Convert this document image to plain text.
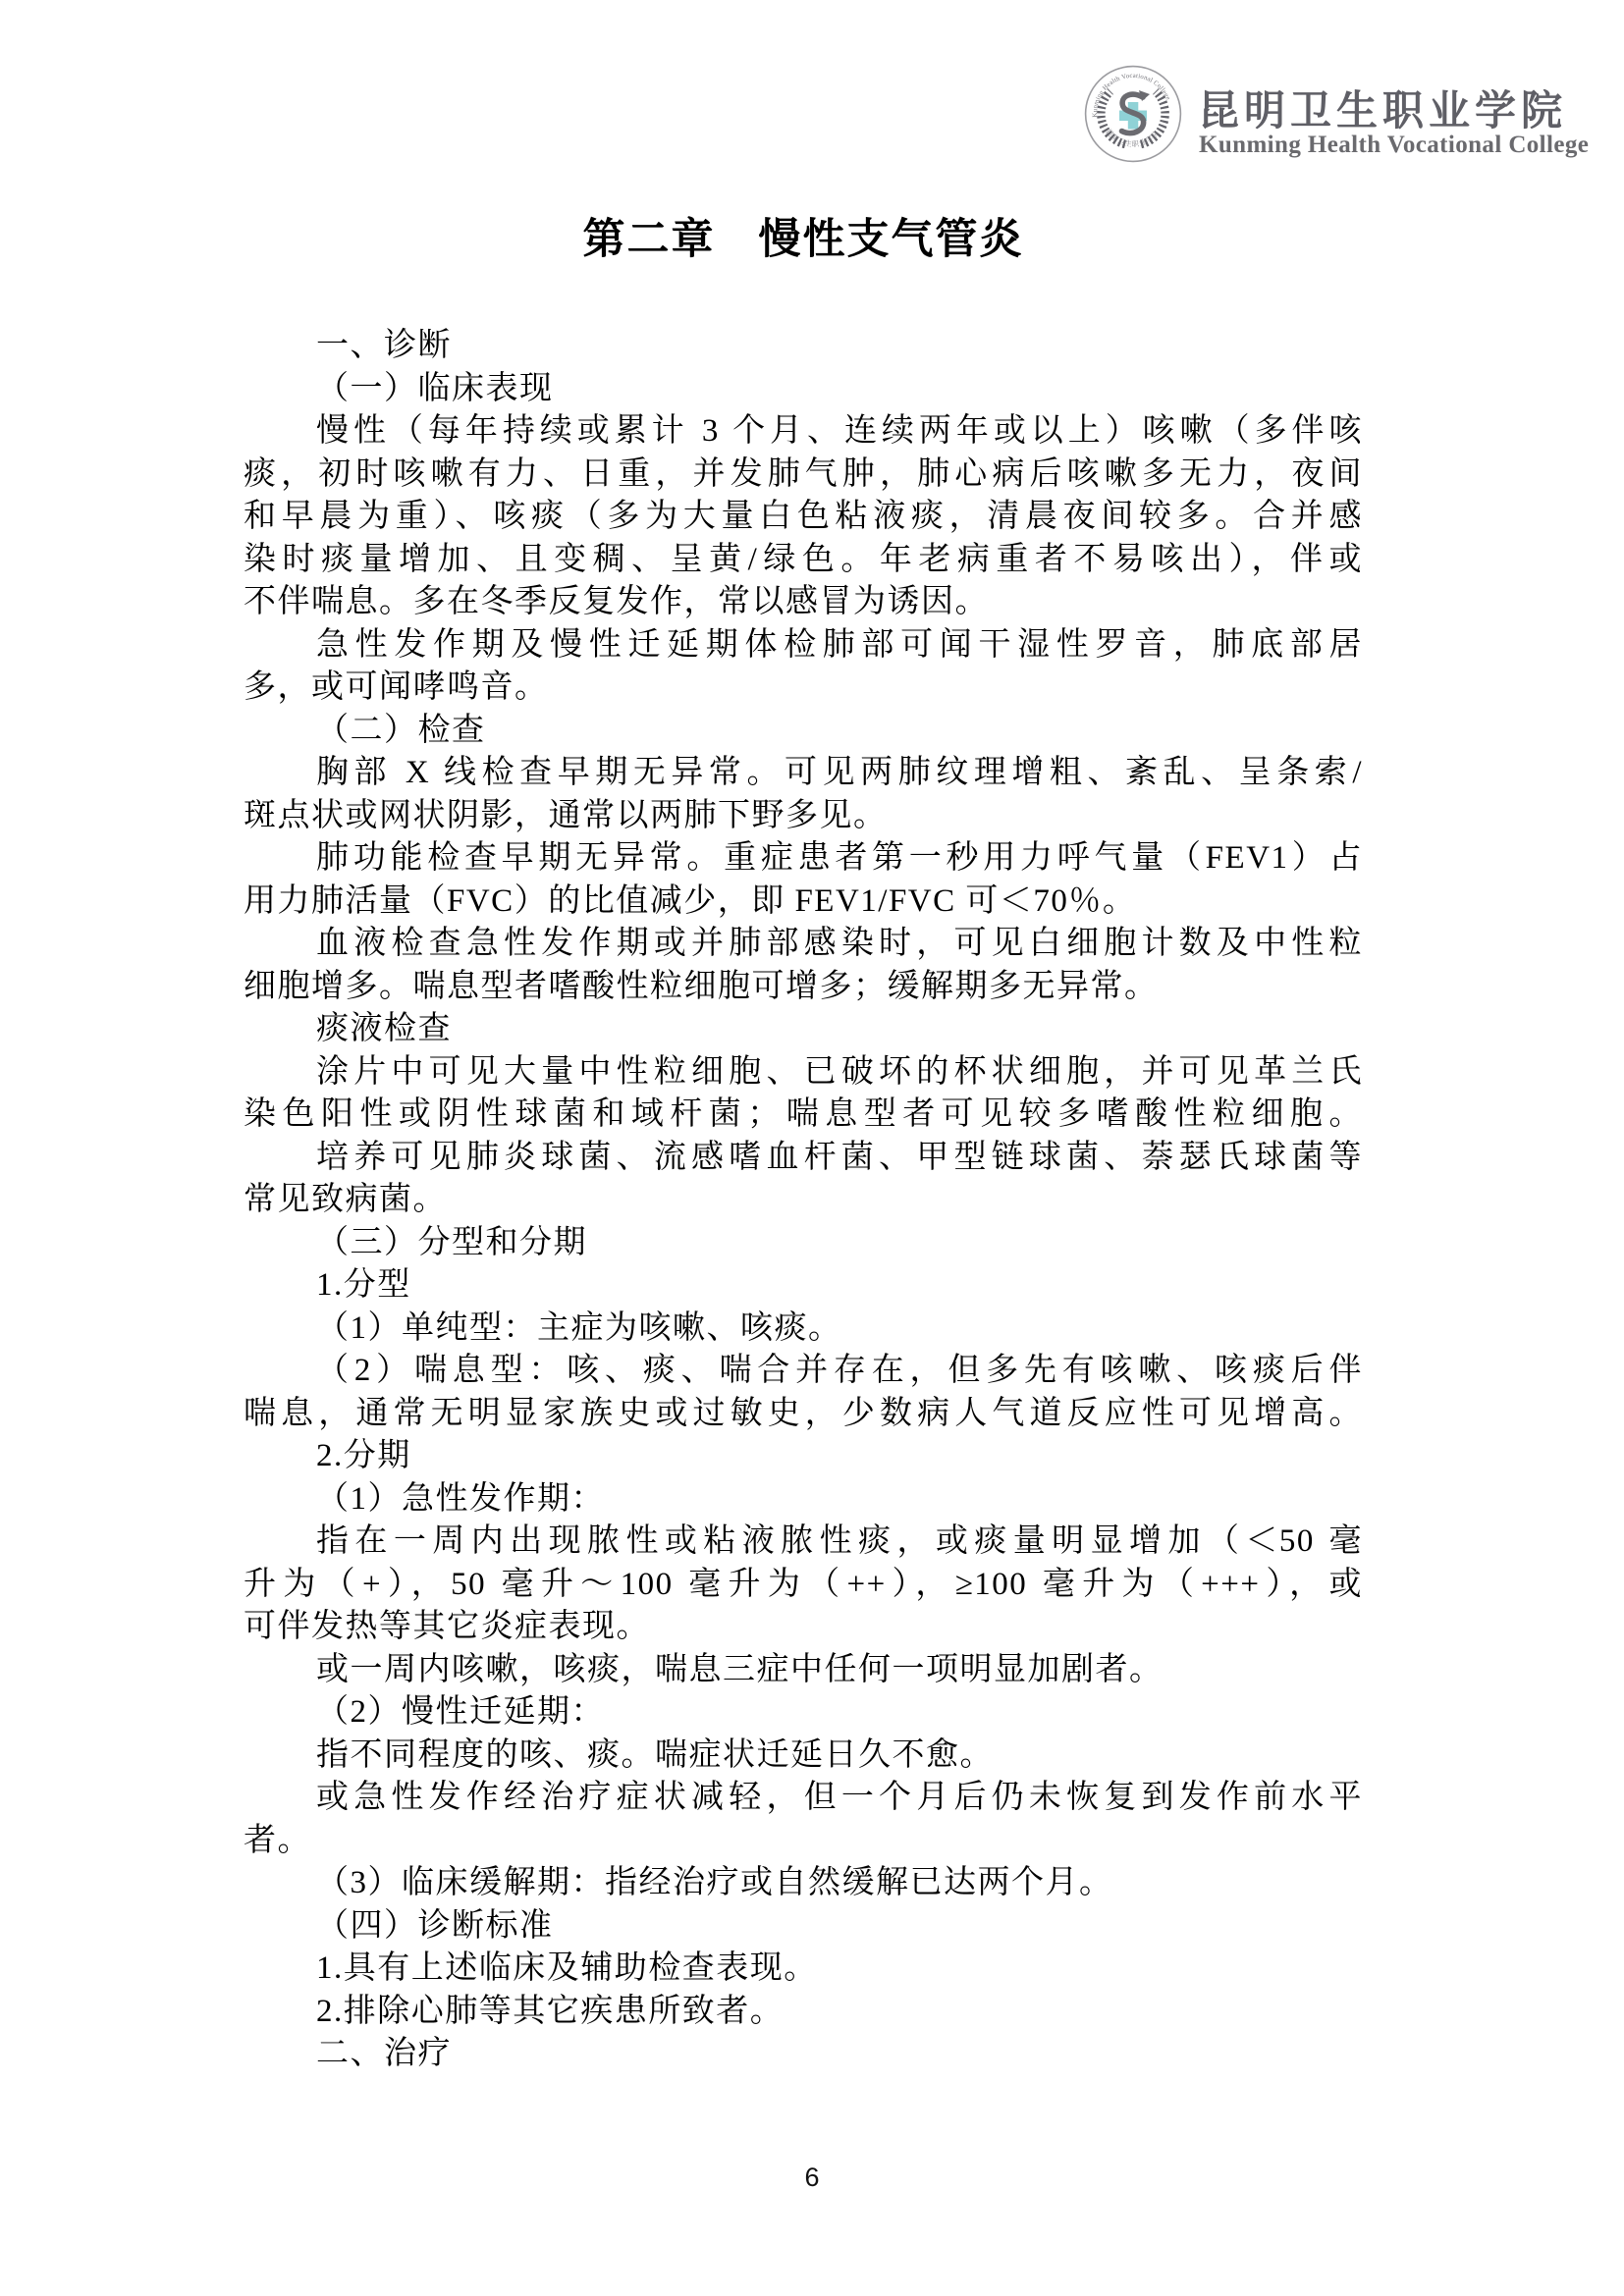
Kunming Health Vocational College
昆明卫生职业学院
昆明卫生职业学院
Kunming Health Vocational College
第二章 慢性支气管炎
一、诊断
（一）临床表现
慢性（每年持续或累计 3 个月、连续两年或以上）咳嗽（多伴咳
痰，初时咳嗽有力、日重，并发肺气肿，肺心病后咳嗽多无力，夜间
和早晨为重）、咳痰（多为大量白色粘液痰，清晨夜间较多。合并感
染时痰量增加、且变稠、呈黄/绿色。年老病重者不易咳出），伴或
不伴喘息。多在冬季反复发作，常以感冒为诱因。
急性发作期及慢性迁延期体检肺部可闻干湿性罗音，肺底部居
多，或可闻哮鸣音。
（二）检查
胸部 X 线检查早期无异常。可见两肺纹理增粗、紊乱、呈条索/
斑点状或网状阴影，通常以两肺下野多见。
肺功能检查早期无异常。重症患者第一秒用力呼气量（FEV1）占
用力肺活量（FVC）的比值减少，即 FEV1/FVC 可＜70％。
血液检查急性发作期或并肺部感染时，可见白细胞计数及中性粒
细胞增多。喘息型者嗜酸性粒细胞可增多；缓解期多无异常。
痰液检查
涂片中可见大量中性粒细胞、已破坏的杯状细胞，并可见革兰氏
染色阳性或阴性球菌和域杆菌；喘息型者可见较多嗜酸性粒细胞。
培养可见肺炎球菌、流感嗜血杆菌、甲型链球菌、萘瑟氏球菌等
常见致病菌。
（三）分型和分期
1.分型
（1）单纯型：主症为咳嗽、咳痰。
（2）喘息型：咳、痰、喘合并存在，但多先有咳嗽、咳痰后伴
喘息，通常无明显家族史或过敏史，少数病人气道反应性可见增高。
2.分期
（1）急性发作期：
指在一周内出现脓性或粘液脓性痰，或痰量明显增加（＜50 毫
升为（+），50 毫升～100 毫升为（++），≥100 毫升为（+++），或
可伴发热等其它炎症表现。
或一周内咳嗽，咳痰，喘息三症中任何一项明显加剧者。
（2）慢性迁延期：
指不同程度的咳、痰。喘症状迁延日久不愈。
或急性发作经治疗症状减轻，但一个月后仍未恢复到发作前水平
者。
（3）临床缓解期：指经治疗或自然缓解已达两个月。
（四）诊断标准
1.具有上述临床及辅助检查表现。
2.排除心肺等其它疾患所致者。
二、治疗
6
